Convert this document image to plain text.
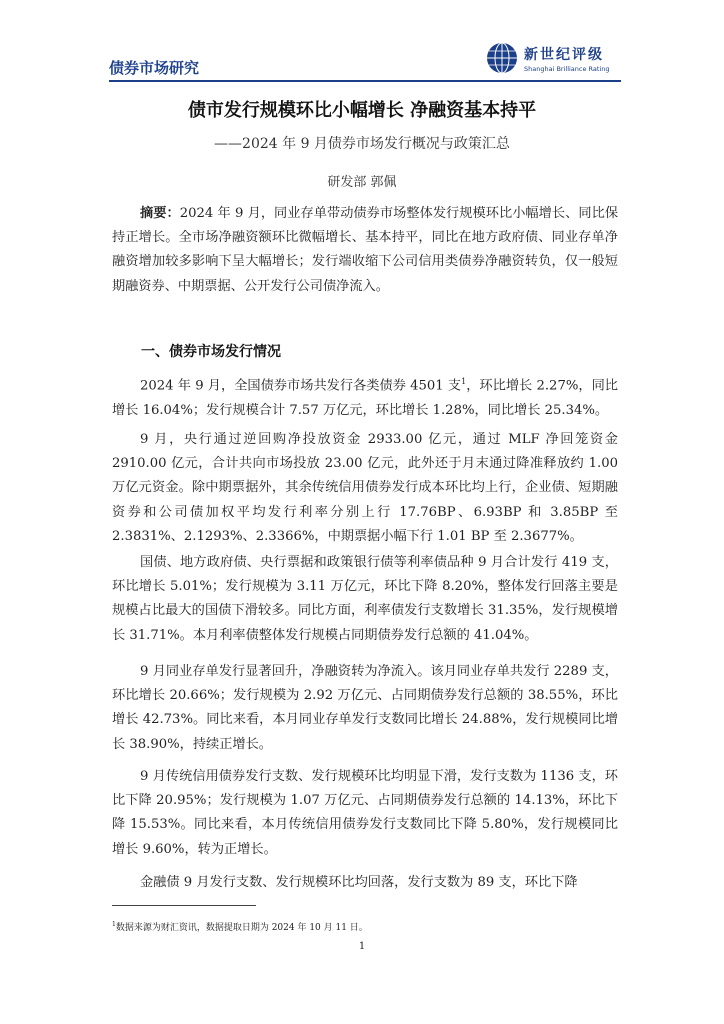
债券市场研究
新世纪评级
Shanghai Brilliance Rating
债市发行规模环比小幅增长 净融资基本持平
——2024 年 9 月债券市场发行概况与政策汇总
研发部 郭佩
摘要：2024 年 9 月，同业存单带动债券市场整体发行规模环比小幅增长、同比保持正增长。全市场净融资额环比微幅增长、基本持平，同比在地方政府债、同业存单净融资增加较多影响下呈大幅增长；发行端收缩下公司信用类债券净融资转负，仅一般短期融资券、中期票据、公开发行公司债净流入。
一、债券市场发行情况

2024 年 9 月，全国债券市场共发行各类债券 4501 支$^1$，环比增长 2.27%，同比增长 16.04%；发行规模合计 7.57 万亿元，环比增长 1.28%，同比增长 25.34%。

9 月，央行通过逆回购净投放资金 2933.00 亿元，通过 MLF 净回笼资金 2910.00 亿元，合计共向市场投放 23.00 亿元，此外还于月末通过降准释放约 1.00 万亿元资金。除中期票据外，其余传统信用债券发行成本环比均上行，企业债、短期融资券和公司债加权平均发行利率分别上行 17.76BP、6.93BP 和 3.85BP 至 2.3831%、2.1293%、2.3366%，中期票据小幅下行 1.01 BP 至 2.3677%。

国债、地方政府债、央行票据和政策银行债等利率债品种 9 月合计发行 419 支，环比增长 5.01%；发行规模为 3.11 万亿元，环比下降 8.20%，整体发行回落主要是规模占比最大的国债下滑较多。同比方面，利率债发行支数增长 31.35%，发行规模增长 31.71%。本月利率债整体发行规模占同期债券发行总额的 41.04%。

9 月同业存单发行显著回升，净融资转为净流入。该月同业存单共发行 2289 支，环比增长 20.66%；发行规模为 2.92 万亿元、占同期债券发行总额的 38.55%，环比增长 42.73%。同比来看，本月同业存单发行支数同比增长 24.88%，发行规模同比增长 38.90%，持续正增长。

9 月传统信用债券发行支数、发行规模环比均明显下滑，发行支数为 1136 支，环比下降 20.95%；发行规模为 1.07 万亿元、占同期债券发行总额的 14.13%，环比下降 15.53%。同比来看，本月传统信用债券发行支数同比下降 5.80%，发行规模同比增长 9.60%，转为正增长。

金融债 9 月发行支数、发行规模环比均回落，发行支数为 89 支，环比下降

$^1$数据来源为财汇资讯，数据提取日期为 2024 年 10 月 11 日。
1
